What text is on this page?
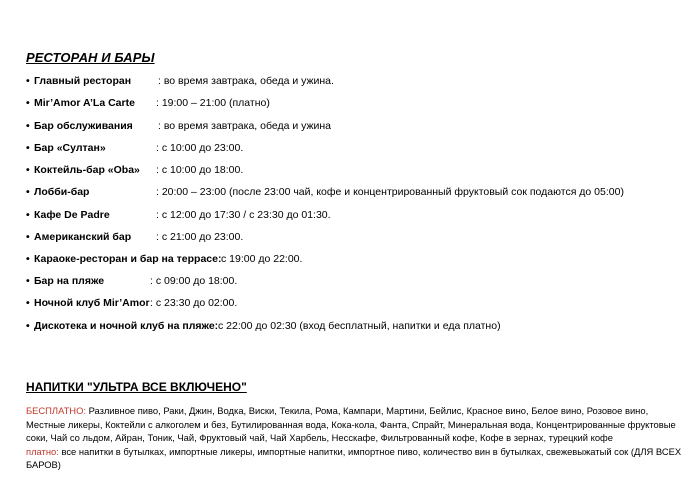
РЕСТОРАН И БАРЫ
• Главный ресторан	: во время завтрака, обеда и ужина.
• Mir’Amor A’La Carte : 19:00 – 21:00 (платно)
• Бар обслуживания : во время завтрака, обеда и ужина
• Бар «Султан»	: с 10:00 до 23:00.
• Коктейль-бар «Oba» : с 10:00 до 18:00.
• Лобби-бар	: 20:00 – 23:00 (после 23:00 чай, кофе и концентрированный фруктовый сок подаются до 05:00)
• Кафе De Padre	: с 12:00 до 17:30 / с 23:30 до 01:30.
• Американский бар : с 21:00 до 23:00.
• Караоке-ресторан и бар на террасе: с 19:00 до 22:00.
• Бар на пляже	: с 09:00 до 18:00.
• Ночной клуб Mir’Amor : с 23:30 до 02:00.
• Дискотека и ночной клуб на пляже: с 22:00 до 02:30 (вход бесплатный, напитки и еда платно)
НАПИТКИ "УЛЬТРА ВСЕ ВКЛЮЧЕНО"
БЕСПЛАТНО: Разливное пиво, Раки, Джин, Водка, Виски, Текила, Рома, Кампари, Мартини, Бейлис, Красное вино, Белое вино, Розовое вино, Местные ликеры, Коктейли с алкоголем и без, Бутилированная вода, Кока-кола, Фанта, Спрайт, Минеральная вода, Концентрированные фруктовые соки, Чай со льдом, Айран, Тоник, Чай, Фруктовый чай, Чай Харбель, Несскафе, Фильтрованный кофе, Кофе в зернах, турецкий кофе
платно: все напитки в бутылках, импортные ликеры, импортные напитки, импортное пиво, количество вин в бутылках, свежевыжатый сок (ДЛЯ ВСЕХ БАРОВ)
